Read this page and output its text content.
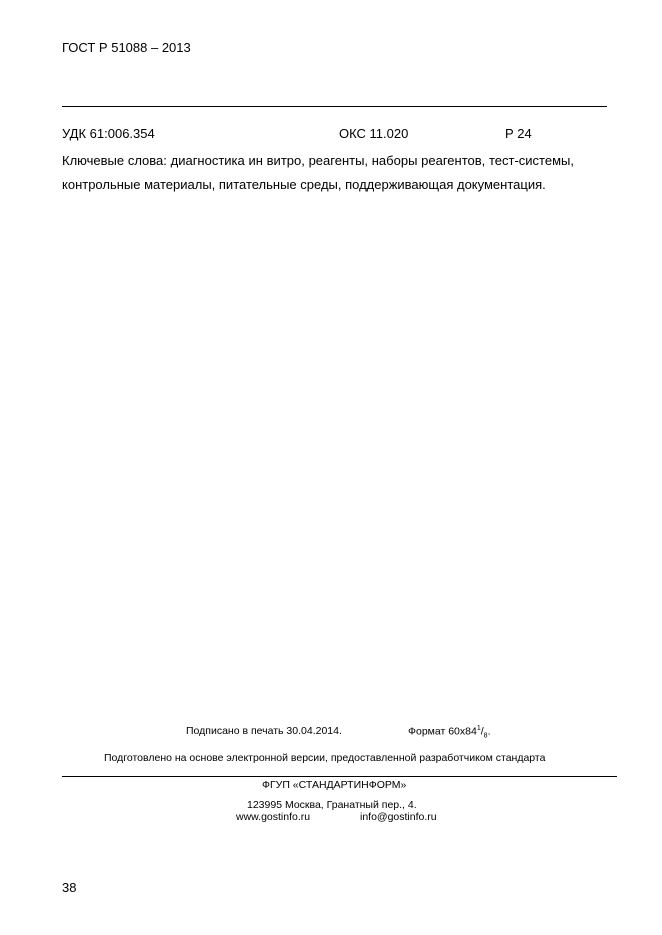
ГОСТ Р 51088 – 2013
УДК 61:006.354	ОКС 11.020	Р 24
Ключевые слова: диагностика ин витро, реагенты, наборы реагентов, тест-системы, контрольные материалы, питательные среды, поддерживающая документация.
Подписано в печать 30.04.2014.	Формат $60х84^1/_8$.
Подготовлено на основе электронной версии, предоставленной разработчиком стандарта
ФГУП «СТАНДАРТИНФОРМ»
123995 Москва, Гранатный пер., 4.
www.gostinfo.ru	info@gostinfo.ru
38
